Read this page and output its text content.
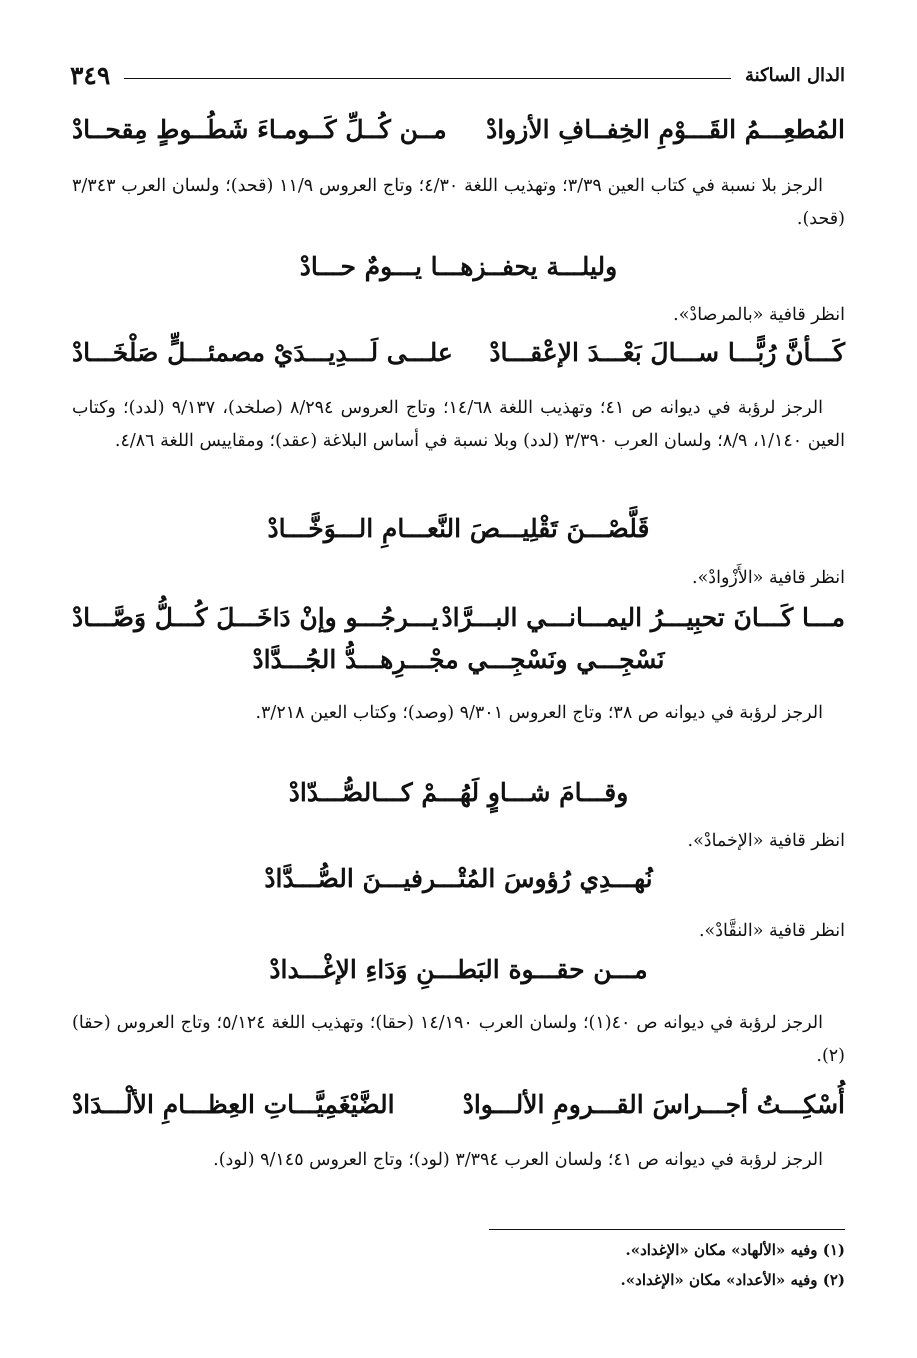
الدال الساكنة
٣٤٩
المُطعِـــمُ القَـــوْمِ الخِفــافِ الأزوادْ
مــن كُــلِّ كَــومـاءَ شَطُــوطٍ مِقحــادْ

الرجز بلا نسبة في كتاب العين ٣/٣٩؛ وتهذيب اللغة ٤/٣٠؛ وتاج العروس ١١/٩ (قحد)؛ ولسان العرب ٣/٣٤٣ (قحد).

وليلـــة يحفــزهـــا يـــومٌ حـــادْ
انظر قافية «بالمرصادْ».
كَـــأنَّ رُبًّـــا ســـالَ بَعْـــدَ الإعْقـــادْ
علـــى لَـــدِيـــدَيْ مصمئـــلٍّ صَلْخَـــادْ

الرجز لرؤبة في ديوانه ص ٤١؛ وتهذيب اللغة ١٤/٦٨؛ وتاج العروس ٨/٢٩٤ (صلخد)، ٩/١٣٧ (لدد)؛ وكتاب العين ١/١٤٠، ٨/٩؛ ولسان العرب ٣/٣٩٠ (لدد) وبلا نسبة في أساس البلاغة (عقد)؛ ومقاييس اللغة ٤/٨٦.

قَلَّصْـــنَ تَقْلِيـــصَ النَّعـــامِ الـــوَخَّـــادْ
انظر قافية «الأَزْوادْ».
مـــا كَـــانَ تحبِيـــرُ اليمـــانـــي البـــرَّادْ
يـــرجُـــو وإنْ دَاخَـــلَ كُـــلُّ وَصَّـــادْ
نَسْجِـــي ونَسْجِـــي مجْـــرِهـــدُّ الجُـــدَّادْ

الرجز لرؤبة في ديوانه ص ٣٨؛ وتاج العروس ٩/٣٠١ (وصد)؛ وكتاب العين ٣/٢١٨.

وقـــامَ شـــاوٍ لَهُـــمْ كـــالصُّـــدّادْ
انظر قافية «الإخمادْ».
نُهـــدِي رُؤوسَ المُتْـــرفيـــنَ الصُّـــدَّادْ
انظر قافية «النقَّادْ».
مـــن حقـــوة البَطـــنِ وَدَاءِ الإغْـــدادْ

الرجز لرؤبة في ديوانه ص ٤٠(١)؛ ولسان العرب ١٤/١٩٠ (حقا)؛ وتهذيب اللغة ٥/١٢٤؛ وتاج العروس (حقا)(٢).

أُسْكِـــتُ أجـــراسَ القـــرومِ الألـــوادْ
الضَّيْغَمِيَّـــاتِ العِظـــامِ الألْـــدَادْ

الرجز لرؤبة في ديوانه ص ٤١؛ ولسان العرب ٣/٣٩٤ (لود)؛ وتاج العروس ٩/١٤٥ (لود).

(١) وفيه «الألهاد» مكان «الإغداد».
(٢) وفيه «الأعداد» مكان «الإغداد».
